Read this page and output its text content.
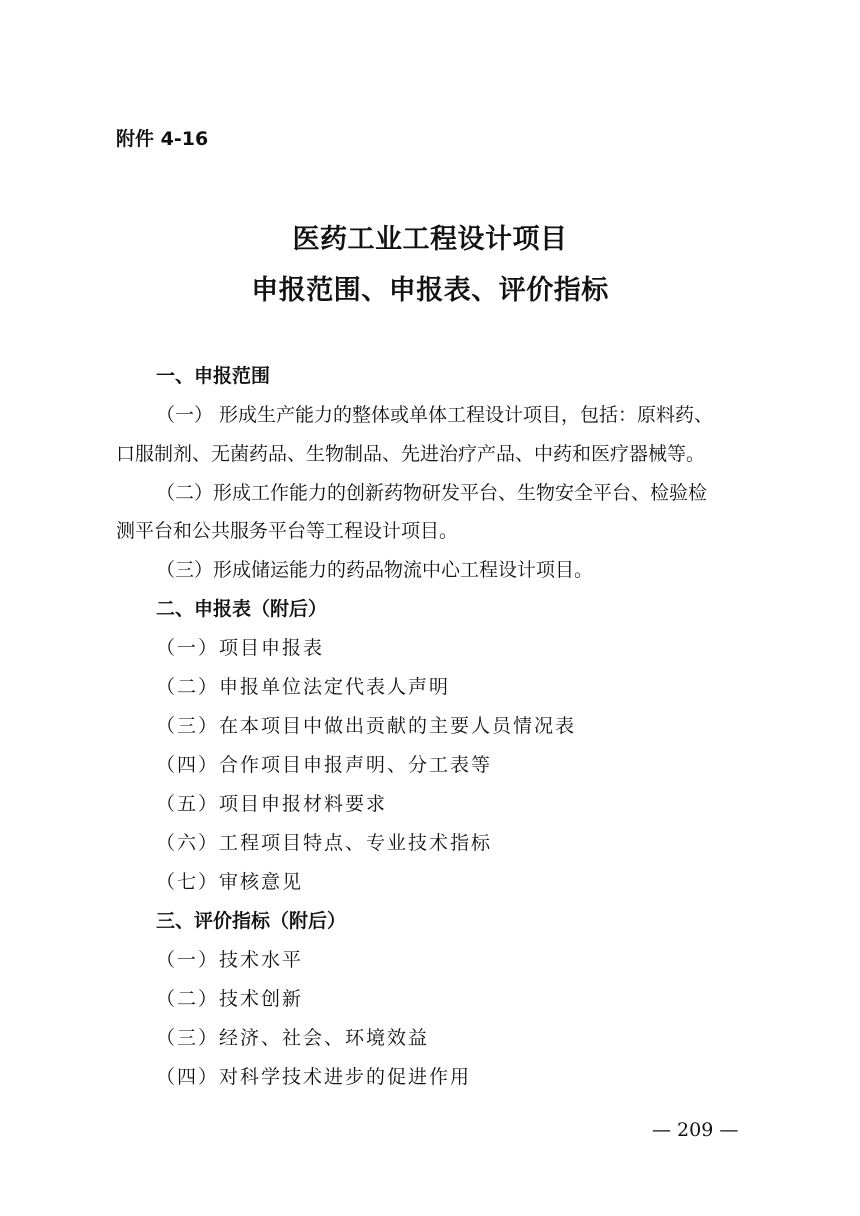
附件 4-16
医药工业工程设计项目
申报范围、申报表、评价指标
一、申报范围
（一） 形成生产能力的整体或单体工程设计项目，包括：原料药、
口服制剂、无菌药品、生物制品、先进治疗产品、中药和医疗器械等。
（二）形成工作能力的创新药物研发平台、生物安全平台、检验检
测平台和公共服务平台等工程设计项目。
（三）形成储运能力的药品物流中心工程设计项目。
二、申报表（附后）
（一）项目申报表
（二）申报单位法定代表人声明
（三）在本项目中做出贡献的主要人员情况表
（四）合作项目申报声明、分工表等
（五）项目申报材料要求
（六）工程项目特点、专业技术指标
（七）审核意见
三、评价指标（附后）
（一）技术水平
（二）技术创新
（三）经济、社会、环境效益
（四）对科学技术进步的促进作用
— 209 —
